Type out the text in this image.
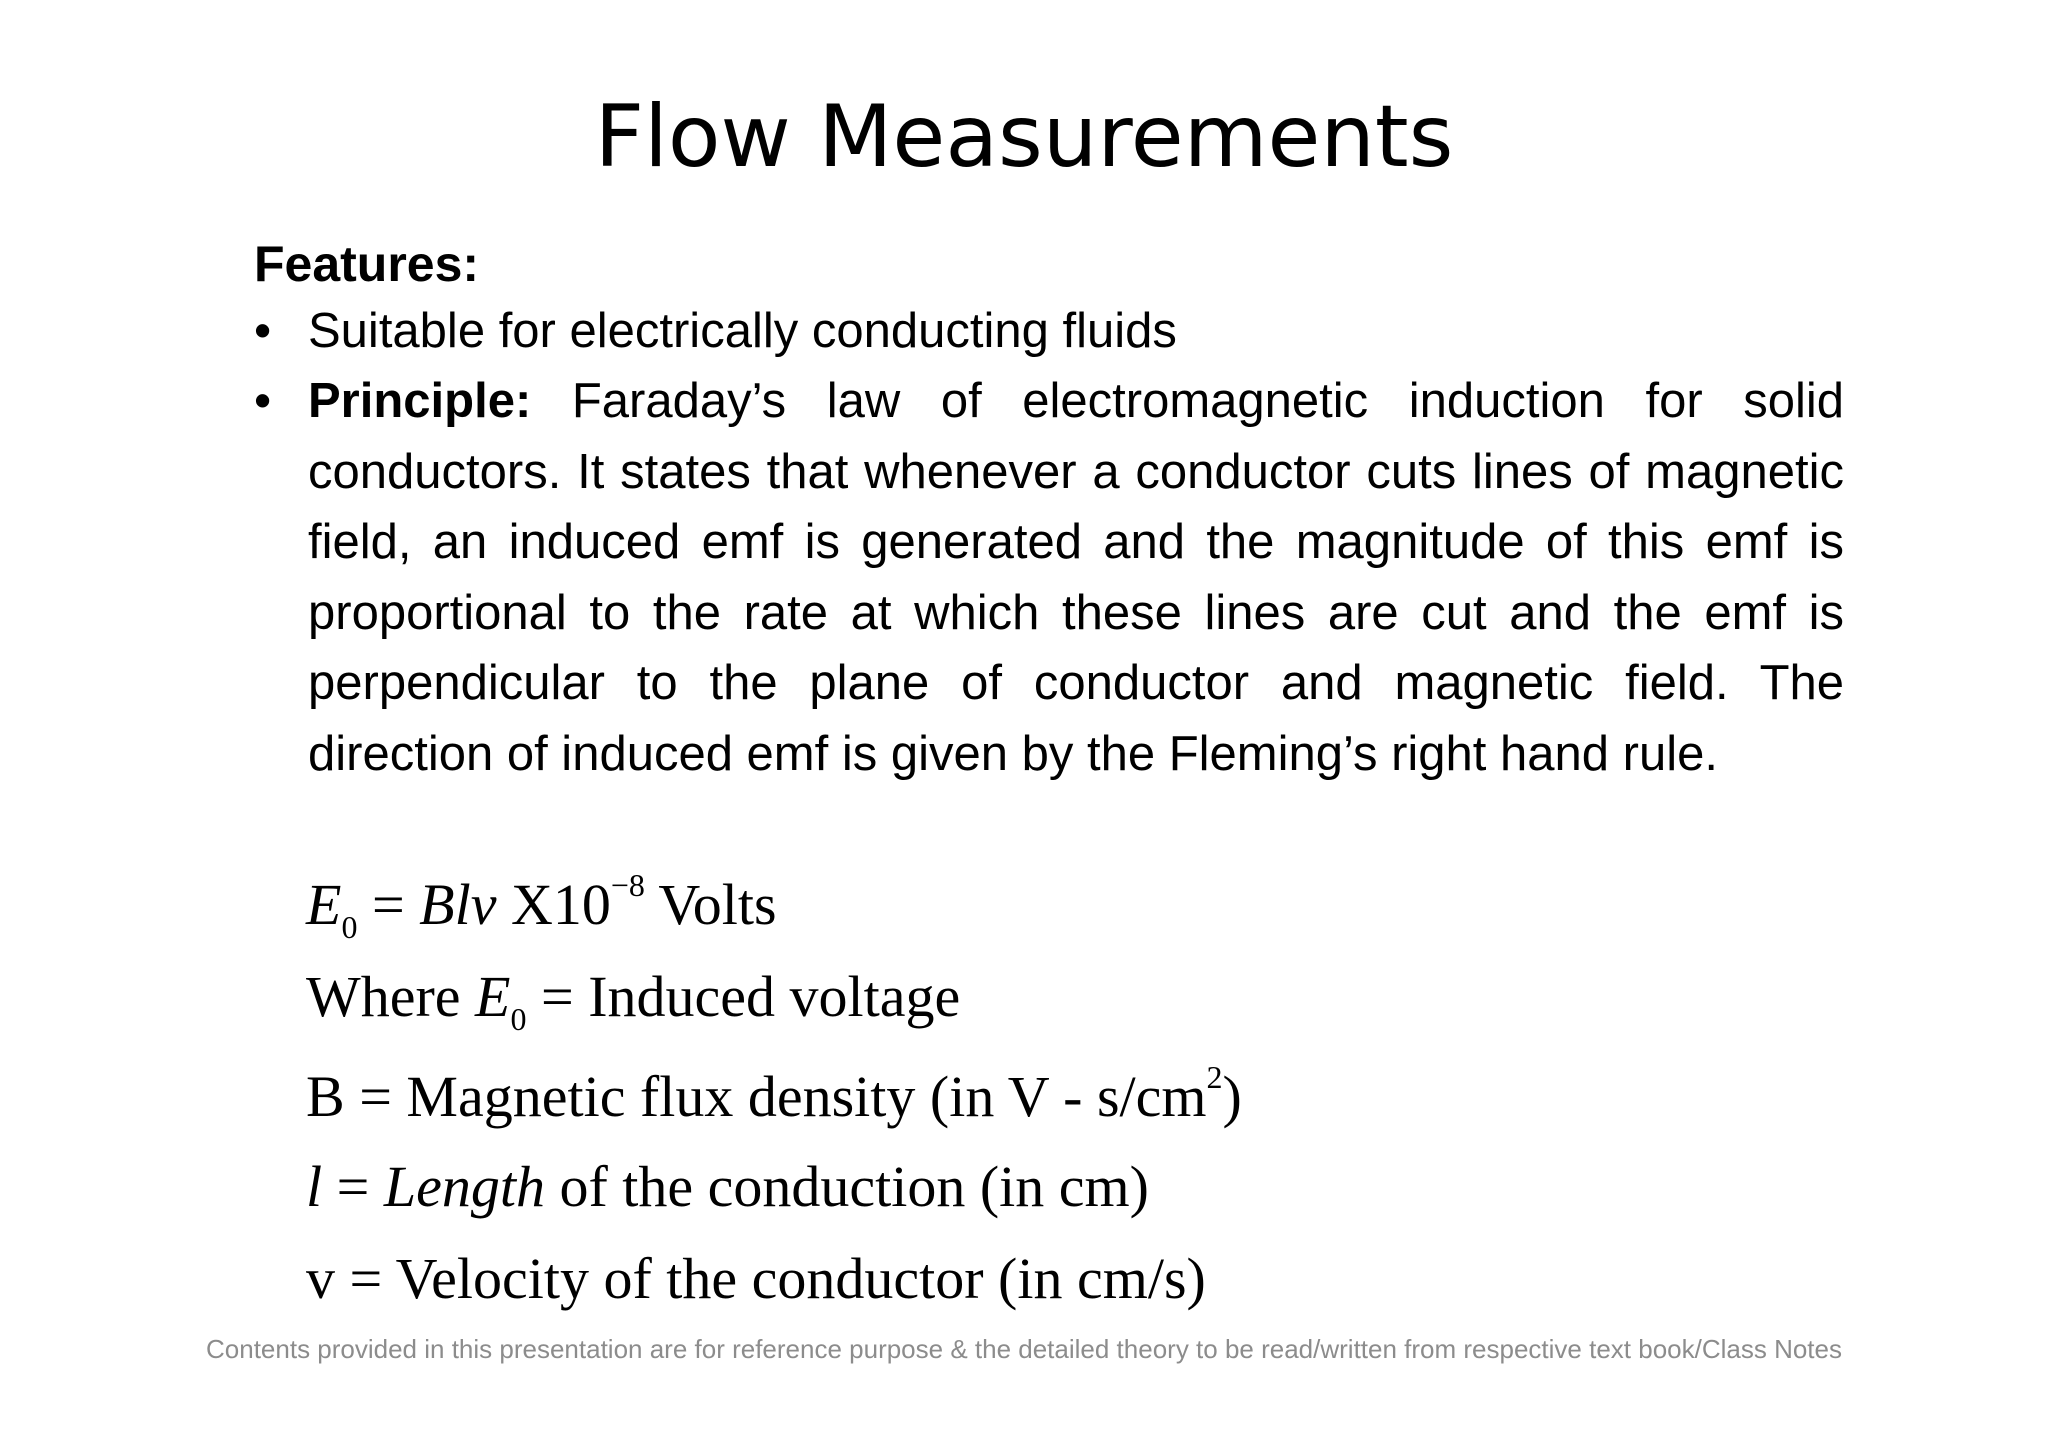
Flow Measurements

Features:

• Suitable for electrically conducting fluids
• Principle: Faraday’s law of electromagnetic induction for solid conductors. It states that whenever a conductor cuts lines of magnetic field, an induced emf is generated and the magnitude of this emf is proportional to the rate at which these lines are cut and the emf is perpendicular to the plane of conductor and magnetic field. The direction of induced emf is given by the Fleming’s right hand rule.
$E_0$ = Blv $X10^{-8}$ Volts
Where $E_0$ = Induced voltage
B = Magnetic flux density (in V - $s/cm^2$)
l = Length of the conduction (in cm)
v = Velocity of the conductor (in cm/s)

Contents provided in this presentation are for reference purpose & the detailed theory to be read/written from respective text book/Class Notes
